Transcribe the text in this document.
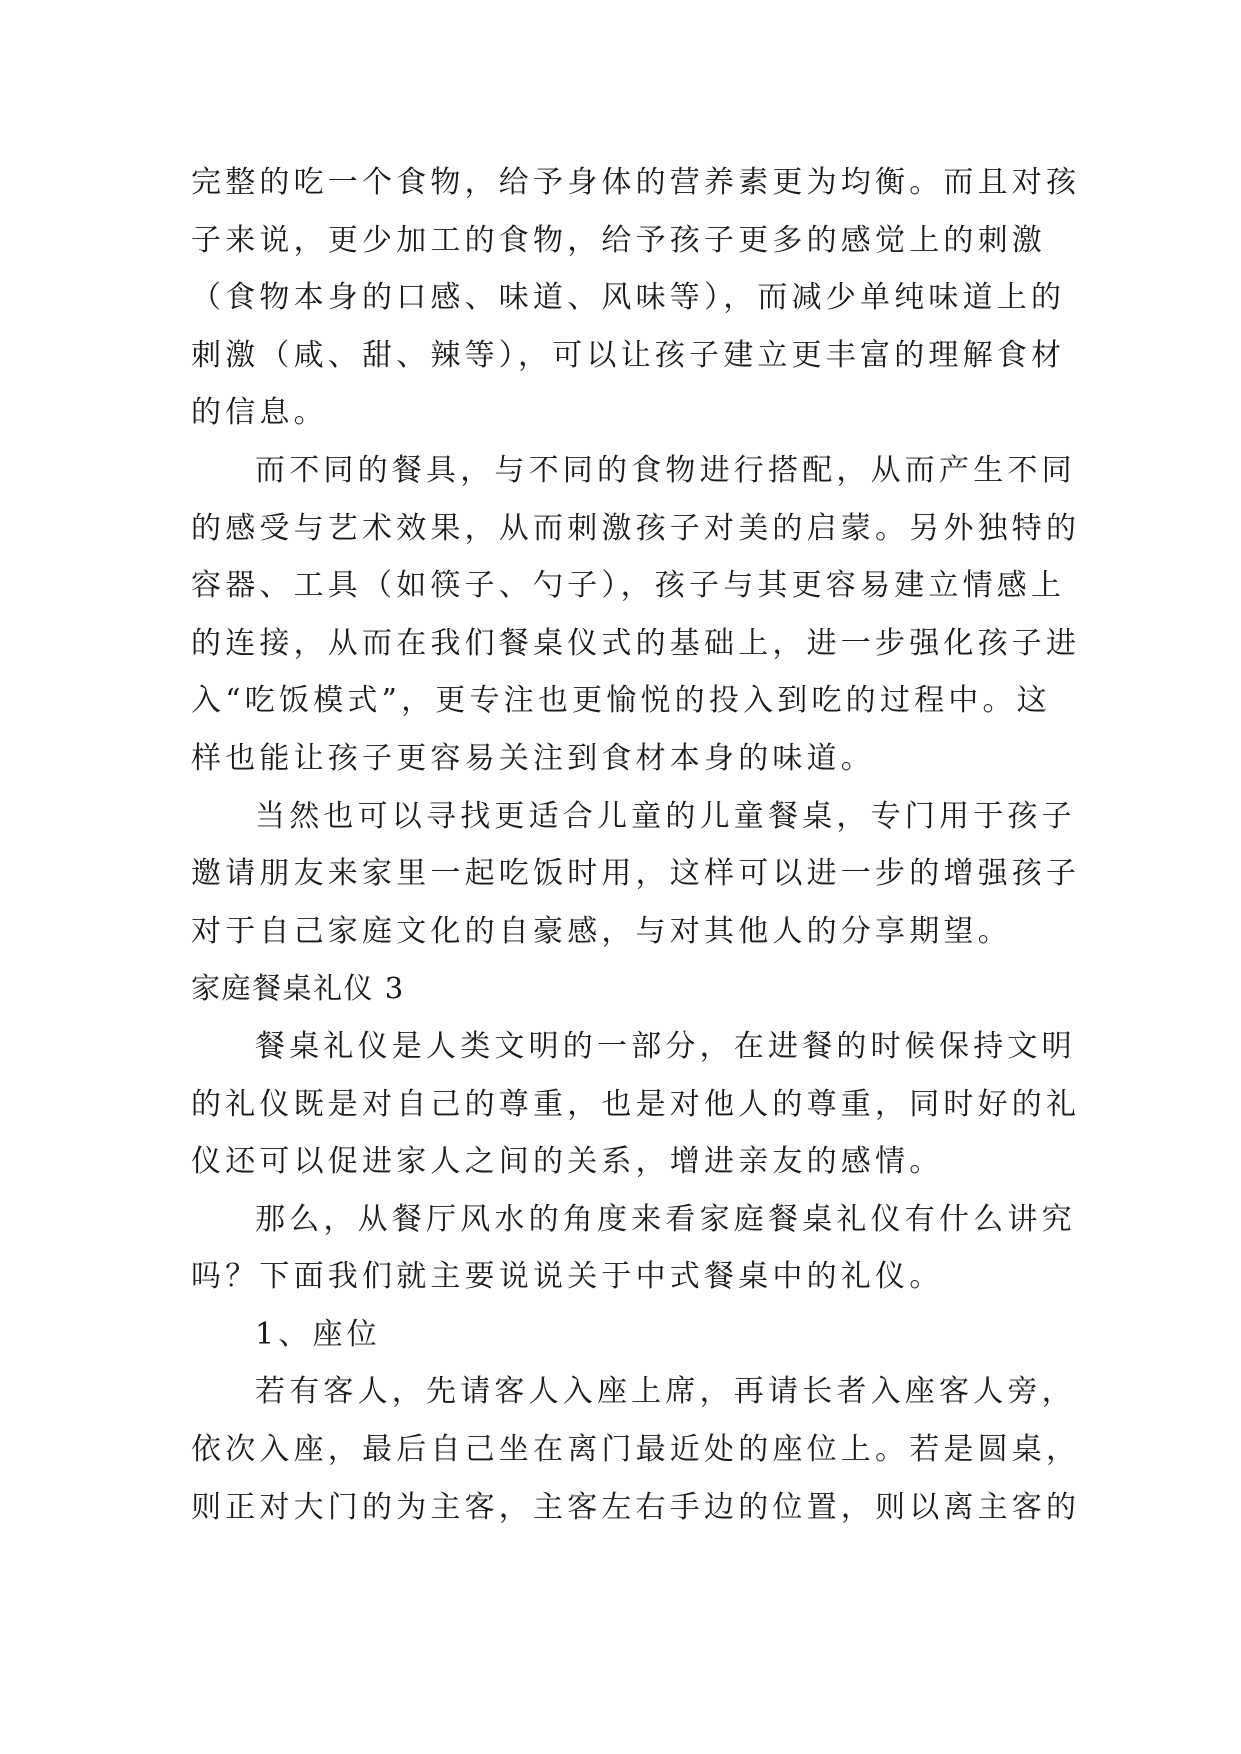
完整的吃一个食物，给予身体的营养素更为均衡。而且对孩
子来说，更少加工的食物，给予孩子更多的感觉上的刺激
（食物本身的口感、味道、风味等），而减少单纯味道上的
刺激（咸、甜、辣等），可以让孩子建立更丰富的理解食材
的信息。
而不同的餐具，与不同的食物进行搭配，从而产生不同
的感受与艺术效果，从而刺激孩子对美的启蒙。另外独特的
容器、工具（如筷子、勺子），孩子与其更容易建立情感上
的连接，从而在我们餐桌仪式的基础上，进一步强化孩子进
入“吃饭模式”，更专注也更愉悦的投入到吃的过程中。这
样也能让孩子更容易关注到食材本身的味道。
当然也可以寻找更适合儿童的儿童餐桌，专门用于孩子
邀请朋友来家里一起吃饭时用，这样可以进一步的增强孩子
对于自己家庭文化的自豪感，与对其他人的分享期望。
家庭餐桌礼仪 3
餐桌礼仪是人类文明的一部分，在进餐的时候保持文明
的礼仪既是对自己的尊重，也是对他人的尊重，同时好的礼
仪还可以促进家人之间的关系，增进亲友的感情。
那么，从餐厅风水的角度来看家庭餐桌礼仪有什么讲究
吗？下面我们就主要说说关于中式餐桌中的礼仪。
1、座位
若有客人，先请客人入座上席，再请长者入座客人旁，
依次入座，最后自己坐在离门最近处的座位上。若是圆桌，
则正对大门的为主客，主客左右手边的位置，则以离主客的
